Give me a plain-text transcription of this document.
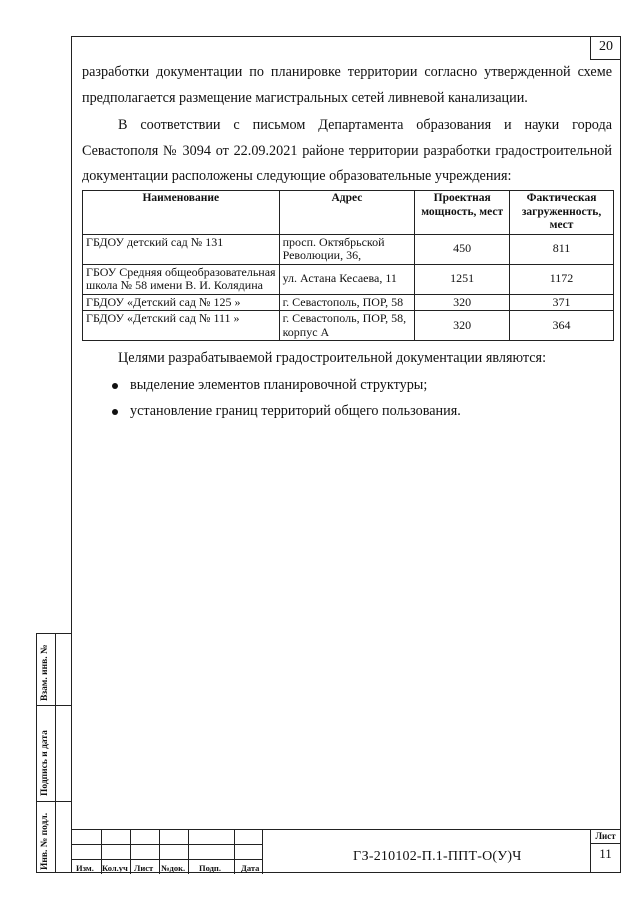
20
разработки документации по планировке территории согласно утвержденной схеме
предполагается размещение магистральных сетей ливневой канализации.
В соответствии с письмом Департамента образования и науки города
Севастополя № 3094 от 22.09.2021 районе территории разработки градостроительной
документации расположены следующие образовательные учреждения:
Наименование	Адрес	Проектная мощность, мест	Фактическая загруженность, мест
ГБДОУ детский сад № 131	просп. Октябрьской Революции, 36,	450	811
ГБОУ Средняя общеобразовательная школа № 58 имени В. И. Колядина	ул. Астана Кесаева, 11	1251	1172
ГБДОУ «Детский сад № 125 »	г. Севастополь, ПОР, 58	320	371
ГБДОУ «Детский сад № 111 »	г. Севастополь, ПОР, 58, корпус А	320	364
Целями разрабатываемой градостроительной документации являются:
выделение элементов планировочной структуры;
установление границ территорий общего пользования.
Взам. инв. №
Подпись и дата
Инв. № подл.	Изм. Кол.уч Лист №док. Подп. Дата
ГЗ-210102-П.1-ППТ-О(У)Ч
Лист
11
